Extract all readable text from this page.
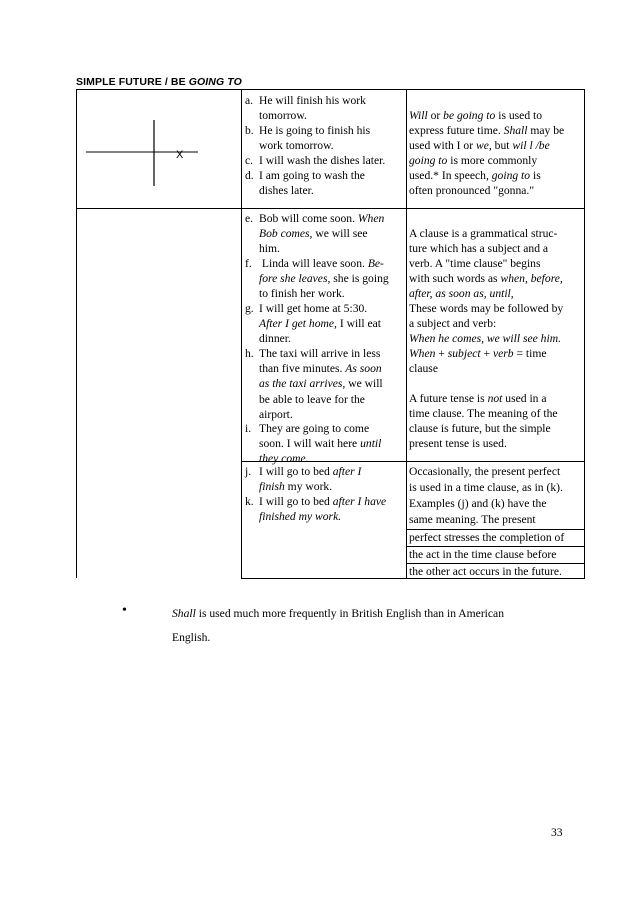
SIMPLE FUTURE / BE GOING TO
X
a. He will finish his work
tomorrow.
b. He is going to finish his
work tomorrow.
c. I will wash the dishes later.
d. I am going to wash the
dishes later.
Will or be going to is used to
express future time. Shall may be
used with I or we, but wil l /be
going to is more commonly
used.* In speech, going to is
often pronounced "gonna."
e. Bob will come soon. When
Bob comes, we will see
him.
f. Linda will leave soon. Be-
fore she leaves, she is going
to finish her work.
g. I will get home at 5:30.
After I get home, I will eat
dinner.
h. The taxi will arrive in less
than five minutes. As soon
as the taxi arrives, we will
be able to leave for the
airport.
i. They are going to come
soon. I will wait here until
they come.
A clause is a grammatical struc-
ture which has a subject and a
verb. A "time clause" begins
with such words as when, before,
after, as soon as, until,
These words may be followed by
a subject and verb:
When he comes, we will see him.
When + subject + verb = time
clause
A future tense is not used in a
time clause. The meaning of the
clause is future, but the simple
present tense is used.
j. I will go to bed after I
finish my work.
k. I will go to bed after I have
finished my work.
Occasionally, the present perfect
is used in a time clause, as in (k).
Examples (j) and (k) have the
same meaning. The present
perfect stresses the completion of
the act in the time clause before
the other act occurs in the future.
•	Shall is used much more frequently in British English than in American
English.
33
